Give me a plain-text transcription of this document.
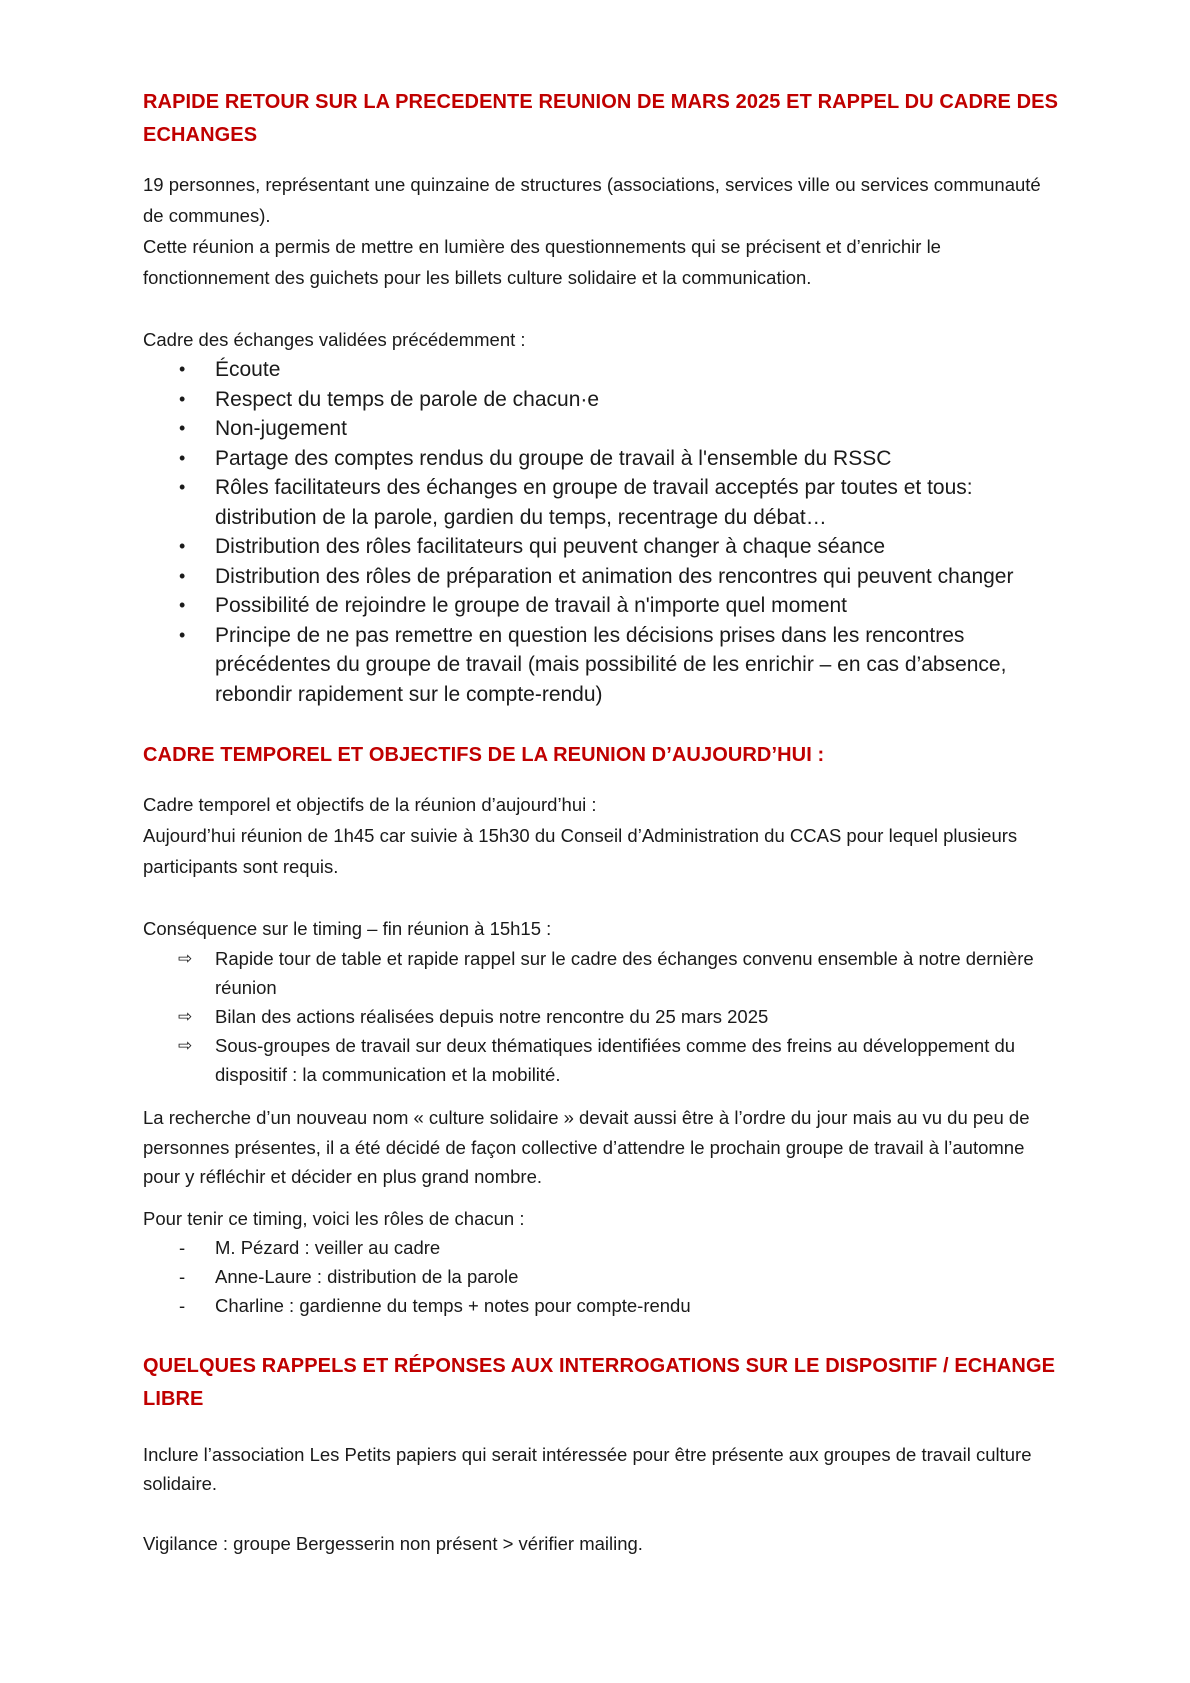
RAPIDE RETOUR SUR LA PRECEDENTE REUNION DE MARS 2025 ET RAPPEL DU CADRE DES ECHANGES

19 personnes, représentant une quinzaine de structures (associations, services ville ou services communauté de communes).

Cette réunion a permis de mettre en lumière des questionnements qui se précisent et d’enrichir le fonctionnement des guichets pour les billets culture solidaire et la communication.

Cadre des échanges validées précédemment :

• Écoute
• Respect du temps de parole de chacun·e
• Non-jugement
• Partage des comptes rendus du groupe de travail à l'ensemble du RSSC
• Rôles facilitateurs des échanges en groupe de travail acceptés par toutes et tous: distribution de la parole, gardien du temps, recentrage du débat…
• Distribution des rôles facilitateurs qui peuvent changer à chaque séance
• Distribution des rôles de préparation et animation des rencontres qui peuvent changer
• Possibilité de rejoindre le groupe de travail à n'importe quel moment
• Principe de ne pas remettre en question les décisions prises dans les rencontres précédentes du groupe de travail (mais possibilité de les enrichir – en cas d’absence, rebondir rapidement sur le compte-rendu)
CADRE TEMPOREL ET OBJECTIFS DE LA REUNION D’AUJOURD’HUI :

Cadre temporel et objectifs de la réunion d’aujourd’hui :

Aujourd’hui réunion de 1h45 car suivie à 15h30 du Conseil d’Administration du CCAS pour lequel plusieurs participants sont requis.

Conséquence sur le timing – fin réunion à 15h15 :

⇨ Rapide tour de table et rapide rappel sur le cadre des échanges convenu ensemble à notre dernière réunion
⇨ Bilan des actions réalisées depuis notre rencontre du 25 mars 2025
⇨ Sous-groupes de travail sur deux thématiques identifiées comme des freins au développement du dispositif : la communication et la mobilité.

La recherche d’un nouveau nom « culture solidaire » devait aussi être à l’ordre du jour mais au vu du peu de personnes présentes, il a été décidé de façon collective d’attendre le prochain groupe de travail à l’automne pour y réfléchir et décider en plus grand nombre.

Pour tenir ce timing, voici les rôles de chacun :

- M. Pézard : veiller au cadre
- Anne-Laure : distribution de la parole
- Charline : gardienne du temps + notes pour compte-rendu
QUELQUES RAPPELS ET RÉPONSES AUX INTERROGATIONS SUR LE DISPOSITIF / ECHANGE LIBRE

Inclure l’association Les Petits papiers qui serait intéressée pour être présente aux groupes de travail culture solidaire.

Vigilance : groupe Bergesserin non présent > vérifier mailing.
